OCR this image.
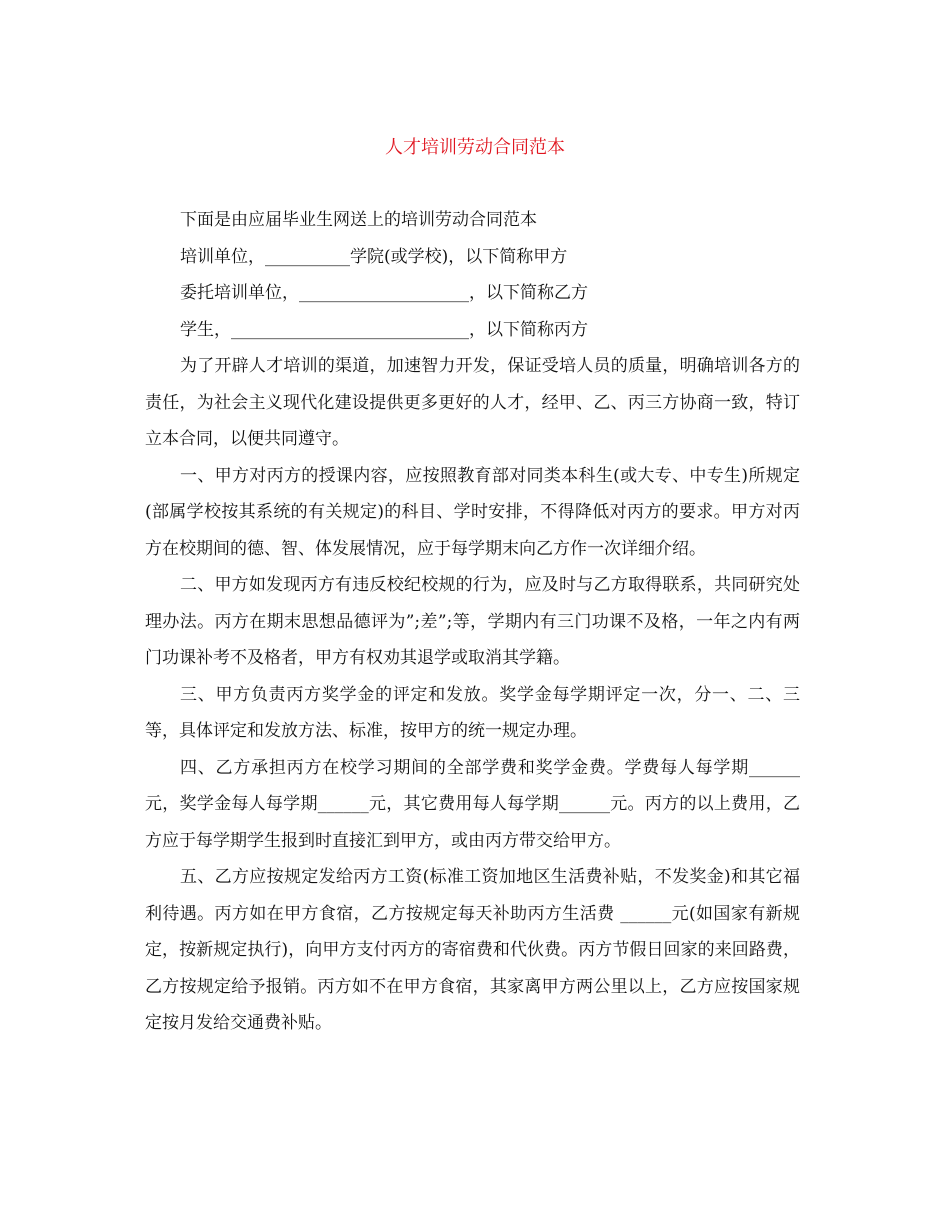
人才培训劳动合同范本

下面是由应届毕业生网送上的培训劳动合同范本

培训单位，__________学院(或学校)，以下简称甲方

委托培训单位，____________________，以下简称乙方

学生，____________________________，以下简称丙方

为了开辟人才培训的渠道，加速智力开发，保证受培人员的质量，明确培训各方的责任，为社会主义现代化建设提供更多更好的人才，经甲、乙、丙三方协商一致，特订立本合同，以便共同遵守。

一、甲方对丙方的授课内容，应按照教育部对同类本科生(或大专、中专生)所规定(部属学校按其系统的有关规定)的科目、学时安排，不得降低对丙方的要求。甲方对丙方在校期间的德、智、体发展情况，应于每学期末向乙方作一次详细介绍。

二、甲方如发现丙方有违反校纪校规的行为，应及时与乙方取得联系，共同研究处理办法。丙方在期末思想品德评为”;差”;等，学期内有三门功课不及格，一年之内有两门功课补考不及格者，甲方有权劝其退学或取消其学籍。

三、甲方负责丙方奖学金的评定和发放。奖学金每学期评定一次，分一、二、三等，具体评定和发放方法、标准，按甲方的统一规定办理。

四、乙方承担丙方在校学习期间的全部学费和奖学金费。学费每人每学期______元，奖学金每人每学期______元，其它费用每人每学期______元。丙方的以上费用，乙方应于每学期学生报到时直接汇到甲方，或由丙方带交给甲方。

五、乙方应按规定发给丙方工资(标准工资加地区生活费补贴，不发奖金)和其它福利待遇。丙方如在甲方食宿，乙方按规定每天补助丙方生活费 ______元(如国家有新规定，按新规定执行)，向甲方支付丙方的寄宿费和代伙费。丙方节假日回家的来回路费，乙方按规定给予报销。丙方如不在甲方食宿，其家离甲方两公里以上，乙方应按国家规定按月发给交通费补贴。
